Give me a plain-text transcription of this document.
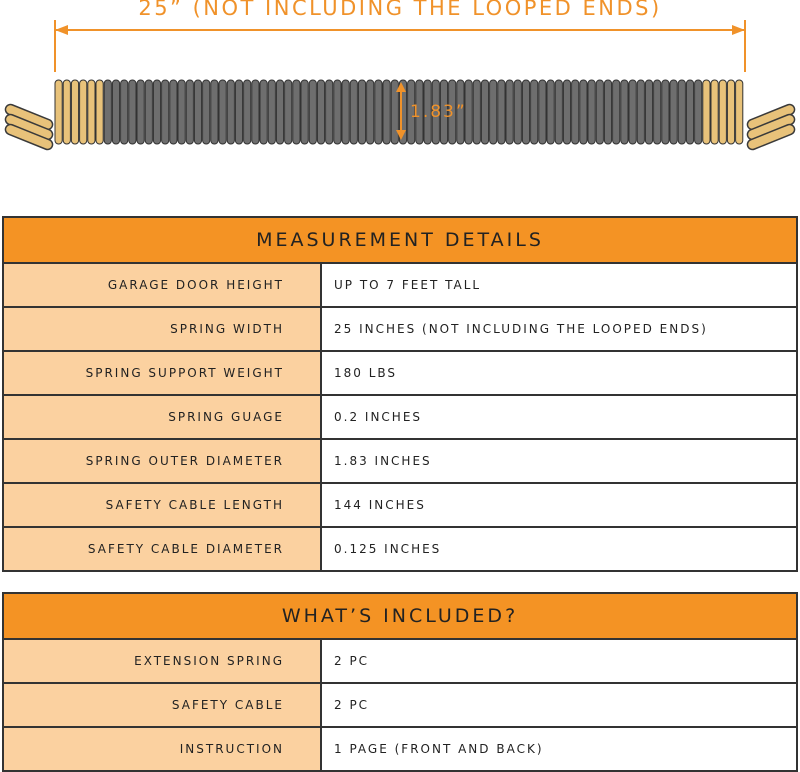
25” (NOT INCLUDING THE LOOPED ENDS)
1.83”
MEASUREMENT DETAILS
GARAGE DOOR HEIGHT	UP TO 7 FEET TALL
SPRING WIDTH	25 INCHES (NOT INCLUDING THE LOOPED ENDS)
SPRING SUPPORT WEIGHT	180 LBS
SPRING GUAGE	0.2 INCHES
SPRING OUTER DIAMETER	1.83 INCHES
SAFETY CABLE LENGTH	144 INCHES
SAFETY CABLE DIAMETER	0.125 INCHES
WHAT’S INCLUDED?
EXTENSION SPRING	2 PC
SAFETY CABLE	2 PC
INSTRUCTION	1 PAGE (FRONT AND BACK)
